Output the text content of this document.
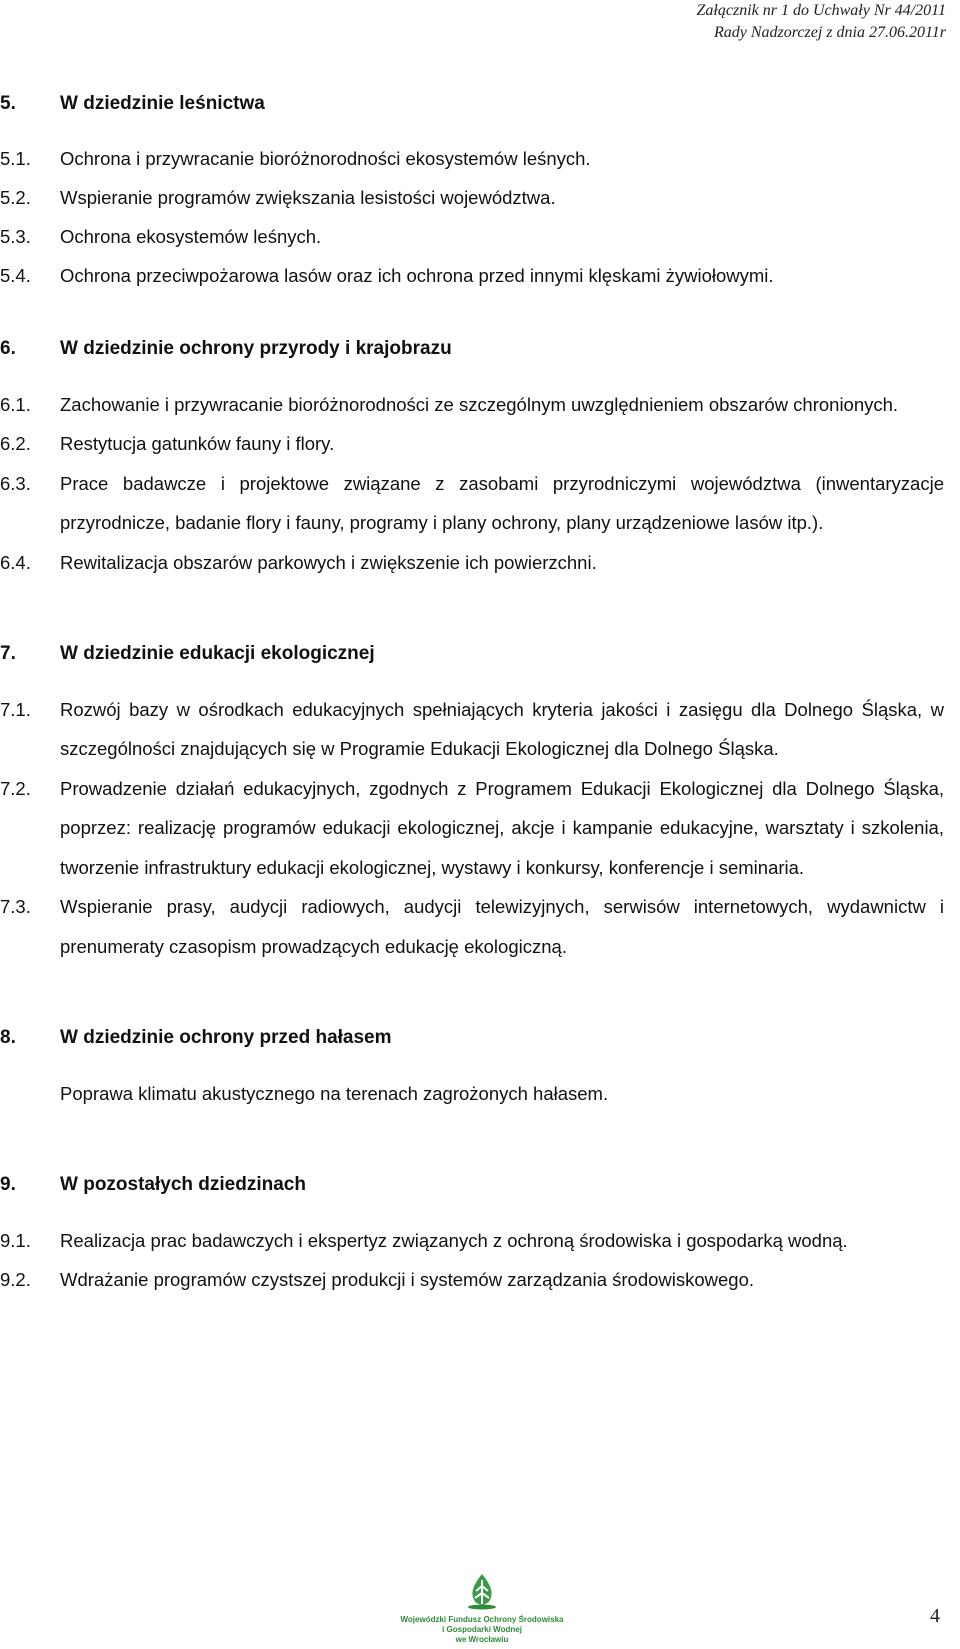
Załącznik nr 1 do Uchwały Nr 44/2011
Rady Nadzorczej z dnia 27.06.2011r
5. W dziedzinie leśnictwa
5.1. Ochrona i przywracanie bioróżnorodności ekosystemów leśnych.
5.2. Wspieranie programów zwiększania lesistości województwa.
5.3. Ochrona ekosystemów leśnych.
5.4. Ochrona przeciwpożarowa lasów oraz ich ochrona przed innymi klęskami żywiołowymi.
6. W dziedzinie ochrony przyrody i krajobrazu
6.1. Zachowanie i przywracanie bioróżnorodności ze szczególnym uwzględnieniem obszarów chronionych.
6.2. Restytucja gatunków fauny i flory.
6.3. Prace badawcze i projektowe związane z zasobami przyrodniczymi województwa (inwentaryzacje przyrodnicze, badanie flory i fauny, programy i plany ochrony, plany urządzeniowe lasów itp.).
6.4. Rewitalizacja obszarów parkowych i zwiększenie ich powierzchni.
7. W dziedzinie edukacji ekologicznej
7.1. Rozwój bazy w ośrodkach edukacyjnych spełniających kryteria jakości i zasięgu dla Dolnego Śląska, w szczególności znajdujących się w Programie Edukacji Ekologicznej dla Dolnego Śląska.
7.2. Prowadzenie działań edukacyjnych, zgodnych z Programem Edukacji Ekologicznej dla Dolnego Śląska, poprzez: realizację programów edukacji ekologicznej, akcje i kampanie edukacyjne, warsztaty i szkolenia, tworzenie infrastruktury edukacji ekologicznej, wystawy i konkursy, konferencje i seminaria.
7.3. Wspieranie prasy, audycji radiowych, audycji telewizyjnych, serwisów internetowych, wydawnictw i prenumeraty czasopism prowadzących edukację ekologiczną.
8. W dziedzinie ochrony przed hałasem
Poprawa klimatu akustycznego na terenach zagrożonych hałasem.
9. W pozostałych dziedzinach
9.1. Realizacja prac badawczych i ekspertyz związanych z ochroną środowiska i gospodarką wodną.
9.2. Wdrażanie programów czystszej produkcji i systemów zarządzania środowiskowego.
Wojewódzki Fundusz Ochrony Środowiska
i Gospodarki Wodnej
we Wrocławiu
4
